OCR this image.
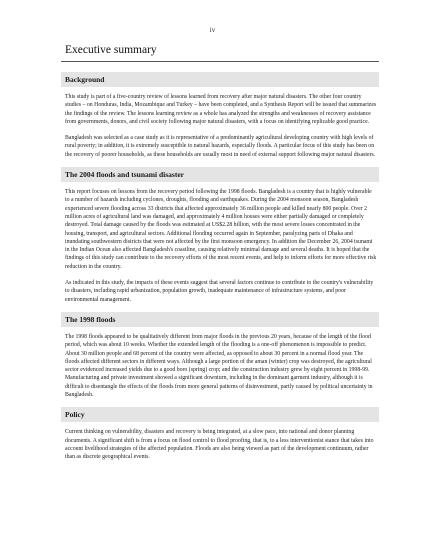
iv
Executive summary
Background

This study is part of a five-country review of lessons learned from recovery after major natural disasters. The other four country studies – on Honduras, India, Mozambique and Turkey – have been completed, and a Synthesis Report will be issued that summarizes the findings of the review. The lessons learning review as a whole has analyzed the strengths and weaknesses of recovery assistance from governments, donors, and civil society following major natural disasters, with a focus on identifying replicable good practice.

Bangladesh was selected as a case study as it is representative of a predominantly agricultural developing country with high levels of rural poverty; in addition, it is extremely susceptible to natural hazards, especially floods. A particular focus of this study has been on the recovery of poorer households, as these households are usually most in need of external support following major natural disasters.

The 2004 floods and tsunami disaster

This report focuses on lessons from the recovery period following the 1998 floods. Bangladesh is a country that is highly vulnerable to a number of hazards including cyclones, droughts, flooding and earthquakes. During the 2004 monsoon season, Bangladesh experienced severe flooding across 33 districts that affected approximately 36 million people and killed nearly 800 people. Over 2 million acres of agricultural land was damaged, and approximately 4 million houses were either partially damaged or completely destroyed. Total damage caused by the floods was estimated at US$2.28 billion, with the most severe losses concentrated in the housing, transport, and agricultural sectors. Additional flooding occurred again in September, paralyzing parts of Dhaka and inundating southwestern districts that were not affected by the first monsoon emergency. In addition the December 26, 2004 tsunami in the Indian Ocean also affected Bangladesh's coastline, causing relatively minimal damage and several deaths. It is hoped that the findings of this study can contribute to the recovery efforts of the most recent events, and help to inform efforts for more effective risk reduction in the country.

As indicated in this study, the impacts of these events suggest that several factors continue to contribute to the country's vulnerability to disasters, including rapid urbanization, population growth, inadequate maintenance of infrastructure systems, and poor environmental management.

The 1998 floods

The 1998 floods appeared to be qualitatively different from major floods in the previous 20 years, because of the length of the flood period, which was about 10 weeks. Whether the extended length of the flooding is a one-off phenomenon is impossible to predict. About 30 million people and 68 percent of the country were affected, as opposed to about 30 percent in a normal flood year. The floods affected different sectors in different ways. Although a large portion of the aman (winter) crop was destroyed, the agricultural sector evidenced increased yields due to a good boro (spring) crop; and the construction industry grew by eight percent in 1998-99. Manufacturing and private investment showed a significant downturn, including in the dominant garment industry, although it is difficult to disentangle the effects of the floods from more general patterns of disinvestment, partly caused by political uncertainty in Bangladesh.

Policy

Current thinking on vulnerability, disasters and recovery is being integrated, at a slow pace, into national and donor planning documents. A significant shift is from a focus on flood control to flood proofing, that is, to a less interventionist stance that takes into account livelihood strategies of the affected population. Floods are also being viewed as part of the development continuum, rather than as discrete geographical events.
